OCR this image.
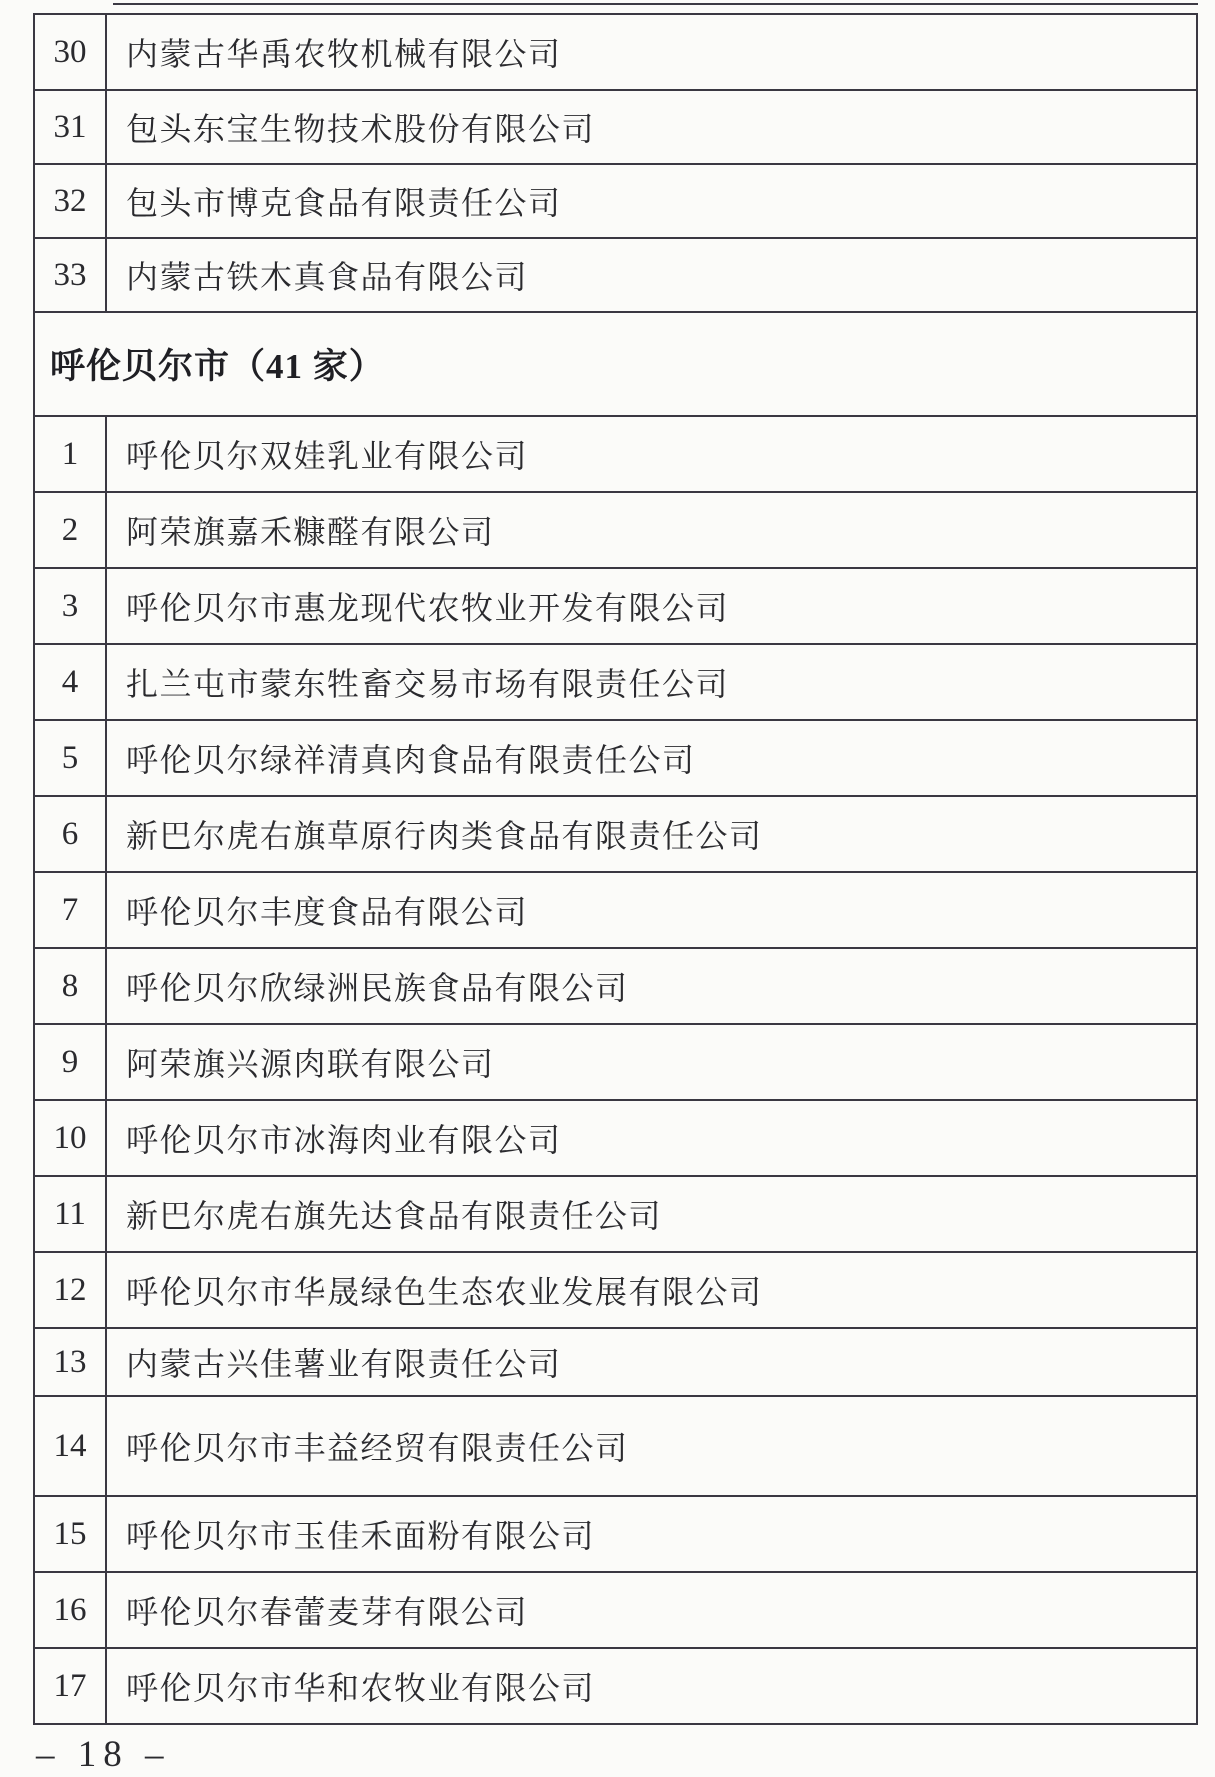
30	内蒙古华禹农牧机械有限公司
31	包头东宝生物技术股份有限公司
32	包头市博克食品有限责任公司
33	内蒙古铁木真食品有限公司
呼伦贝尔市（41 家）
1	呼伦贝尔双娃乳业有限公司
2	阿荣旗嘉禾糠醛有限公司
3	呼伦贝尔市惠龙现代农牧业开发有限公司
4	扎兰屯市蒙东牲畜交易市场有限责任公司
5	呼伦贝尔绿祥清真肉食品有限责任公司
6	新巴尔虎右旗草原行肉类食品有限责任公司
7	呼伦贝尔丰度食品有限公司
8	呼伦贝尔欣绿洲民族食品有限公司
9	阿荣旗兴源肉联有限公司
10	呼伦贝尔市冰海肉业有限公司
11	新巴尔虎右旗先达食品有限责任公司
12	呼伦贝尔市华晟绿色生态农业发展有限公司
13	内蒙古兴佳薯业有限责任公司
14	呼伦贝尔市丰益经贸有限责任公司
15	呼伦贝尔市玉佳禾面粉有限公司
16	呼伦贝尔春蕾麦芽有限公司
17	呼伦贝尔市华和农牧业有限公司
– 18 –
